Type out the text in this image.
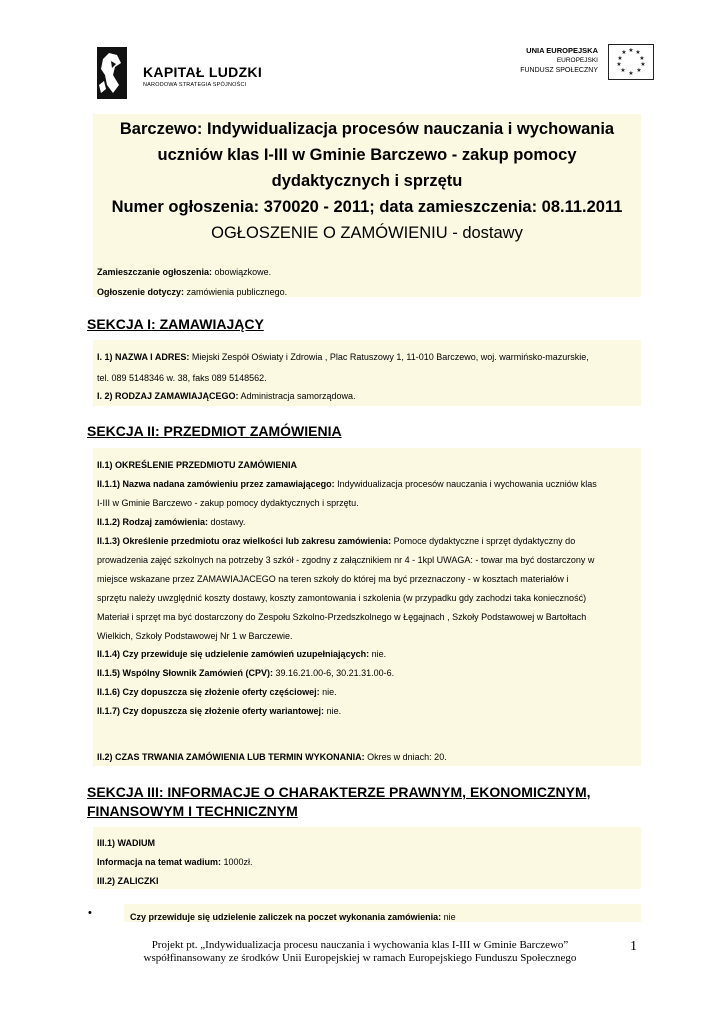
KAPITAŁ LUDZKI
NARODOWA STRATEGIA SPÓJNOŚCI
UNIA EUROPEJSKA
EUROPEJSKI
FUNDUSZ SPOŁECZNY
★ ★
★
★
★
★
★
★
★
★
Barczewo: Indywidualizacja procesów nauczania i wychowania
uczniów klas I-III w Gminie Barczewo - zakup pomocy
dydaktycznych i sprzętu
Numer ogłoszenia: 370020 - 2011; data zamieszczenia: 08.11.2011
OGŁOSZENIE O ZAMÓWIENIU - dostawy
Zamieszczanie ogłoszenia: obowiązkowe.
Ogłoszenie dotyczy: zamówienia publicznego.
SEKCJA I: ZAMAWIAJĄCY
I. 1) NAZWA I ADRES: Miejski Zespół Oświaty i Zdrowia , Plac Ratuszowy 1, 11-010 Barczewo, woj. warmińsko-mazurskie,
tel. 089 5148346 w. 38, faks 089 5148562.
I. 2) RODZAJ ZAMAWIAJĄCEGO: Administracja samorządowa.
SEKCJA II: PRZEDMIOT ZAMÓWIENIA
II.1) OKREŚLENIE PRZEDMIOTU ZAMÓWIENIA
II.1.1) Nazwa nadana zamówieniu przez zamawiającego: Indywidualizacja procesów nauczania i wychowania uczniów klas
I-III w Gminie Barczewo - zakup pomocy dydaktycznych i sprzętu.
II.1.2) Rodzaj zamówienia: dostawy.
II.1.3) Określenie przedmiotu oraz wielkości lub zakresu zamówienia: Pomoce dydaktyczne i sprzęt dydaktyczny do
prowadzenia zajęć szkolnych na potrzeby 3 szkół - zgodny z załącznikiem nr 4 - 1kpl UWAGA: - towar ma być dostarczony w
miejsce wskazane przez ZAMAWIAJACEGO na teren szkoły do której ma być przeznaczony - w kosztach materiałów i
sprzętu należy uwzględnić koszty dostawy, koszty zamontowania i szkolenia (w przypadku gdy zachodzi taka konieczność)
Materiał i sprzęt ma być dostarczony do Zespołu Szkolno-Przedszkolnego w Łęgajnach , Szkoły Podstawowej w Bartołtach
Wielkich, Szkoły Podstawowej Nr 1 w Barczewie.
II.1.4) Czy przewiduje się udzielenie zamówień uzupełniających: nie.
II.1.5) Wspólny Słownik Zamówień (CPV): 39.16.21.00-6, 30.21.31.00-6.
II.1.6) Czy dopuszcza się złożenie oferty częściowej: nie.
II.1.7) Czy dopuszcza się złożenie oferty wariantowej: nie.
II.2) CZAS TRWANIA ZAMÓWIENIA LUB TERMIN WYKONANIA: Okres w dniach: 20.
SEKCJA III: INFORMACJE O CHARAKTERZE PRAWNYM, EKONOMICZNYM,
FINANSOWYM I TECHNICZNYM
III.1) WADIUM
Informacja na temat wadium: 1000zł.
III.2) ZALICZKI
•	Czy przewiduje się udzielenie zaliczek na poczet wykonania zamówienia: nie
Projekt pt. „Indywidualizacja procesu nauczania i wychowania klas I-III w Gminie Barczewo”
współfinansowany ze środków Unii Europejskiej w ramach Europejskiego Funduszu Społecznego
1
